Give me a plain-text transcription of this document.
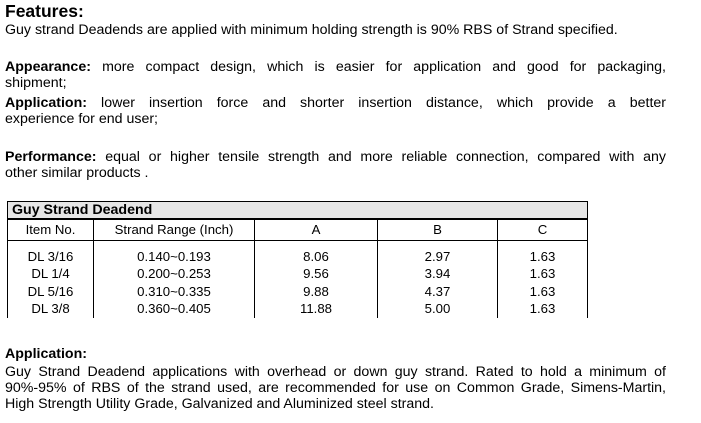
Features:
Guy strand Deadends are applied with minimum holding strength is 90% RBS of Strand specified.
Appearance: more compact design, which is easier for application and good for packaging,
shipment;
Application: lower insertion force and shorter insertion distance, which provide a better
experience for end user;
Performance: equal or higher tensile strength and more reliable connection, compared with any
other similar products .
Guy Strand Deadend
Item No.	Strand Range (Inch)	A	B	C
DL 3/16	0.140~0.193	8.06	2.97	1.63
DL 1/4	0.200~0.253	9.56	3.94	1.63
DL 5/16	0.310~0.335	9.88	4.37	1.63
DL 3/8	0.360~0.405	11.88	5.00	1.63
Application:
Guy Strand Deadend applications with overhead or down guy strand. Rated to hold a minimum of
90%-95% of RBS of the strand used, are recommended for use on Common Grade, Simens-Martin,
High Strength Utility Grade, Galvanized and Aluminized steel strand.
